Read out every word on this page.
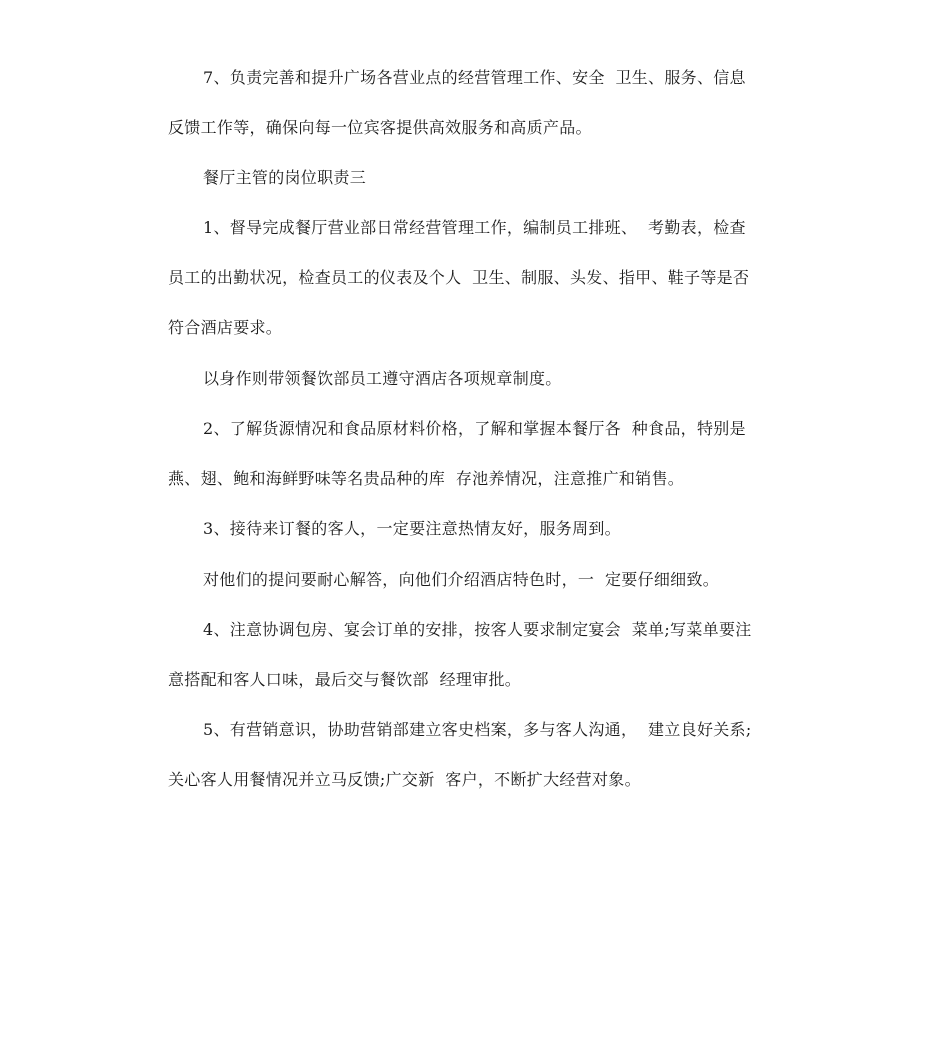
7、负责完善和提升广场各营业点的经营管理工作、安全  卫生、服务、信息
反馈工作等，确保向每一位宾客提供高效服务和高质产品。
餐厅主管的岗位职责三
1、督导完成餐厅营业部日常经营管理工作，编制员工排班、  考勤表，检查
员工的出勤状况，检查员工的仪表及个人  卫生、制服、头发、指甲、鞋子等是否
符合酒店要求。
以身作则带领餐饮部员工遵守酒店各项规章制度。
2、了解货源情况和食品原材料价格，了解和掌握本餐厅各  种食品，特别是
燕、翅、鲍和海鲜野味等名贵品种的库  存池养情况，注意推广和销售。
3、接待来订餐的客人，一定要注意热情友好，服务周到。
对他们的提问要耐心解答，向他们介绍酒店特色时，一  定要仔细细致。
4、注意协调包房、宴会订单的安排，按客人要求制定宴会  菜单;写菜单要注
意搭配和客人口味，最后交与餐饮部  经理审批。
5、有营销意识，协助营销部建立客史档案，多与客人沟通，  建立良好关系;
关心客人用餐情况并立马反馈;广交新  客户，不断扩大经营对象。
